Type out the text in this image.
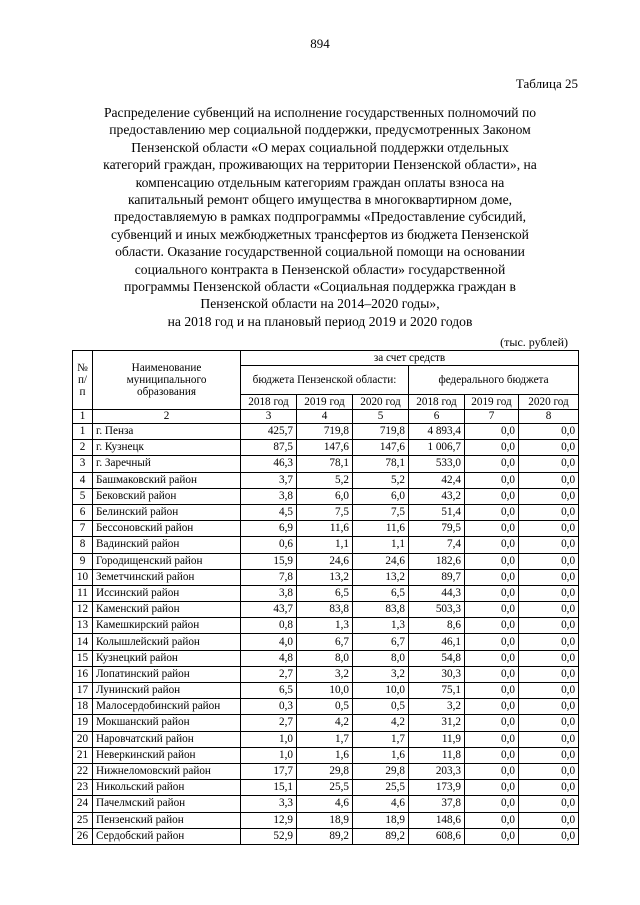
894
Таблица 25
Распределение субвенций на исполнение государственных полномочий по
предоставлению мер социальной поддержки, предусмотренных Законом
Пензенской области «О мерах социальной поддержки отдельных
категорий граждан, проживающих на территории Пензенской области», на
компенсацию отдельным категориям граждан оплаты взноса на
капитальный ремонт общего имущества в многоквартирном доме,
предоставляемую в рамках подпрограммы «Предоставление субсидий,
субвенций и иных межбюджетных трансфертов из бюджета Пензенской
области. Оказание государственной социальной помощи на основании
социального контракта в Пензенской области» государственной
программы Пензенской области «Социальная поддержка граждан в
Пензенской области на 2014–2020 годы»,
на 2018 год и на плановый период 2019 и 2020 годов
(тыс. рублей)
№ п/п	Наименование муниципального образования	за счет средств					
		бюджета Пензенской области:			федерального бюджета		
		2018 год	2019 год	2020 год	2018 год	2019 год	2020 год
1	2	3	4	5	6	7	8
1	г. Пенза	425,7	719,8	719,8	4 893,4	0,0	0,0
2	г. Кузнецк	87,5	147,6	147,6	1 006,7	0,0	0,0
3	г. Заречный	46,3	78,1	78,1	533,0	0,0	0,0
4	Башмаковский район	3,7	5,2	5,2	42,4	0,0	0,0
5	Бековский район	3,8	6,0	6,0	43,2	0,0	0,0
6	Белинский район	4,5	7,5	7,5	51,4	0,0	0,0
7	Бессоновский район	6,9	11,6	11,6	79,5	0,0	0,0
8	Вадинский район	0,6	1,1	1,1	7,4	0,0	0,0
9	Городищенский район	15,9	24,6	24,6	182,6	0,0	0,0
10	Земетчинский район	7,8	13,2	13,2	89,7	0,0	0,0
11	Иссинский район	3,8	6,5	6,5	44,3	0,0	0,0
12	Каменский район	43,7	83,8	83,8	503,3	0,0	0,0
13	Камешкирский район	0,8	1,3	1,3	8,6	0,0	0,0
14	Колышлейский район	4,0	6,7	6,7	46,1	0,0	0,0
15	Кузнецкий район	4,8	8,0	8,0	54,8	0,0	0,0
16	Лопатинский район	2,7	3,2	3,2	30,3	0,0	0,0
17	Лунинский район	6,5	10,0	10,0	75,1	0,0	0,0
18	Малосердобинский район	0,3	0,5	0,5	3,2	0,0	0,0
19	Мокшанский район	2,7	4,2	4,2	31,2	0,0	0,0
20	Наровчатский район	1,0	1,7	1,7	11,9	0,0	0,0
21	Неверкинский район	1,0	1,6	1,6	11,8	0,0	0,0
22	Нижнеломовский район	17,7	29,8	29,8	203,3	0,0	0,0
23	Никольский район	15,1	25,5	25,5	173,9	0,0	0,0
24	Пачелмский район	3,3	4,6	4,6	37,8	0,0	0,0
25	Пензенский район	12,9	18,9	18,9	148,6	0,0	0,0
26	Сердобский район	52,9	89,2	89,2	608,6	0,0	0,0
